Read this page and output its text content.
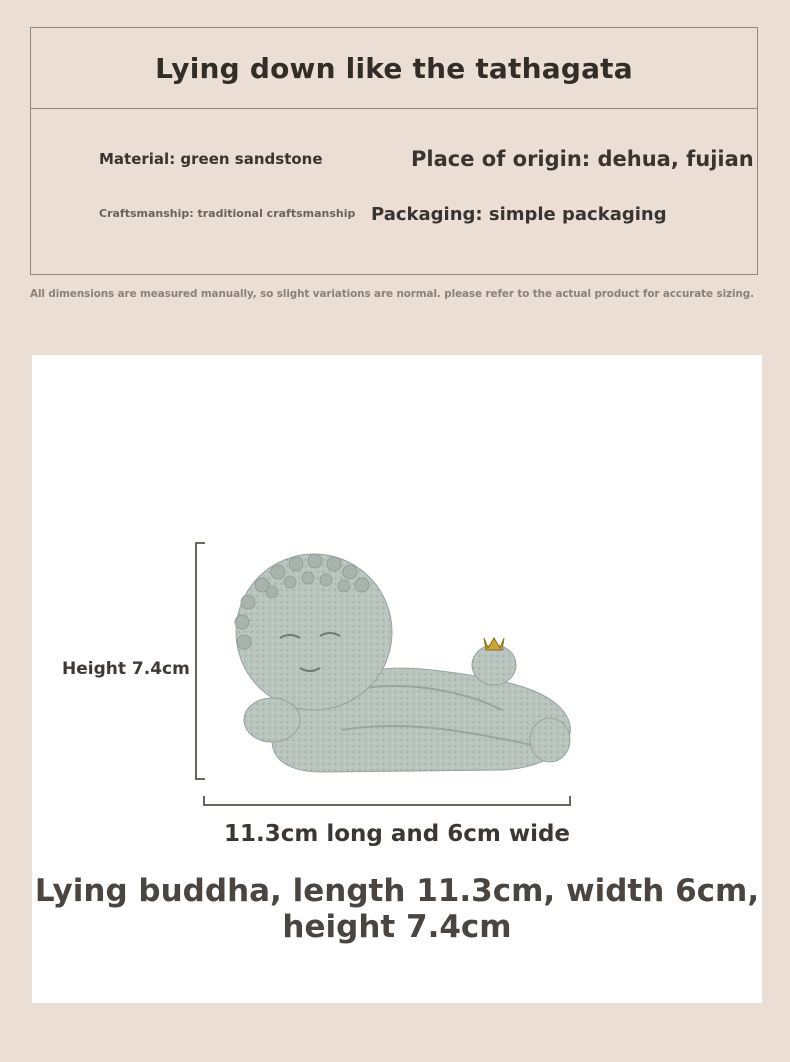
Lying down like the tathagata
Material: green sandstone	Place of origin: dehua, fujian
Craftsmanship: traditional craftsmanship Packaging: simple packaging
All dimensions are measured manually, so slight variations are normal. please refer to the actual product for accurate sizing.
Height 7.4cm
11.3cm long and 6cm wide
Lying buddha, length 11.3cm, width 6cm,
height 7.4cm
